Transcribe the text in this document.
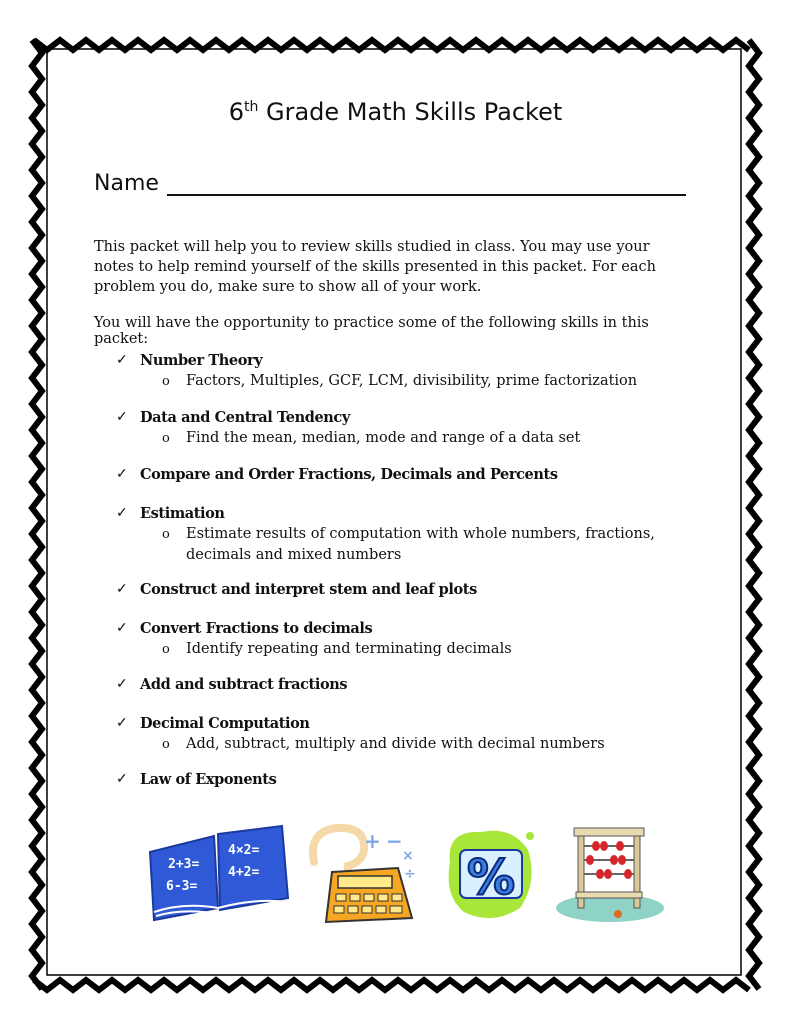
6th Grade Math Skills Packet
Name
This packet will help you to review skills studied in class. You may use your notes to help remind yourself of the skills presented in this packet. For each problem you do, make sure to show all of your work.
You will have the opportunity to practice some of the following skills in this packet:
✓ Number Theory
o Factors, Multiples, GCF, LCM, divisibility, prime factorization
✓ Data and Central Tendency
o Find the mean, median, mode and range of a data set
✓ Compare and Order Fractions, Decimals and Percents
✓ Estimation
o Estimate results of computation with whole numbers, fractions, decimals and mixed numbers
✓ Construct and interpret stem and leaf plots
✓ Convert Fractions to decimals
o Identify repeating and terminating decimals
✓ Add and subtract fractions
✓ Decimal Computation
o Add, subtract, multiply and divide with decimal numbers
✓ Law of Exponents
2+3=
6-3=
4×2=
4+2=
+ −
×
÷ %
